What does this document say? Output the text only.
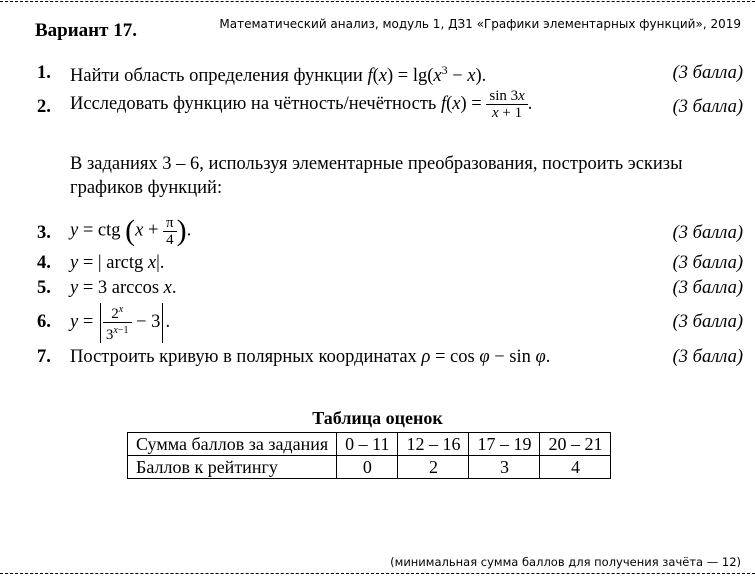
Вариант 17.	Математический анализ, модуль 1, ДЗ1 «Графики элементарных функций», 2019
1.	Найти область определения функции $f(x) = \lg(x^3 - x)$.	(3 балла)
2.	Исследовать функцию на чётность/нечётность $f(x) = \frac{\sin 3x}{x + 1}$ .	(3 балла)
В заданиях 3 – 6, используя элементарные преобразования, построить эскизы графиков функций:
3.	y = ctg ($x + \frac{\pi}{4}$ ).	(3 балла)
4.	y = | arctg x|.	(3 балла)
5.	y = 3 arccos x.	(3 балла)
6.	$y = \frac{2^x}{3^{x-1}} - 3$ .	(3 балла)
7.	Построить кривую в полярных координатах ρ = cos φ − sin φ.	(3 балла)
Таблица оценок
Сумма баллов за задания	0 – 11	12 – 16	17 – 19	20 – 21
Баллов к рейтингу	0	2	3	4
(минимальная сумма баллов для получения зачёта — 12)
